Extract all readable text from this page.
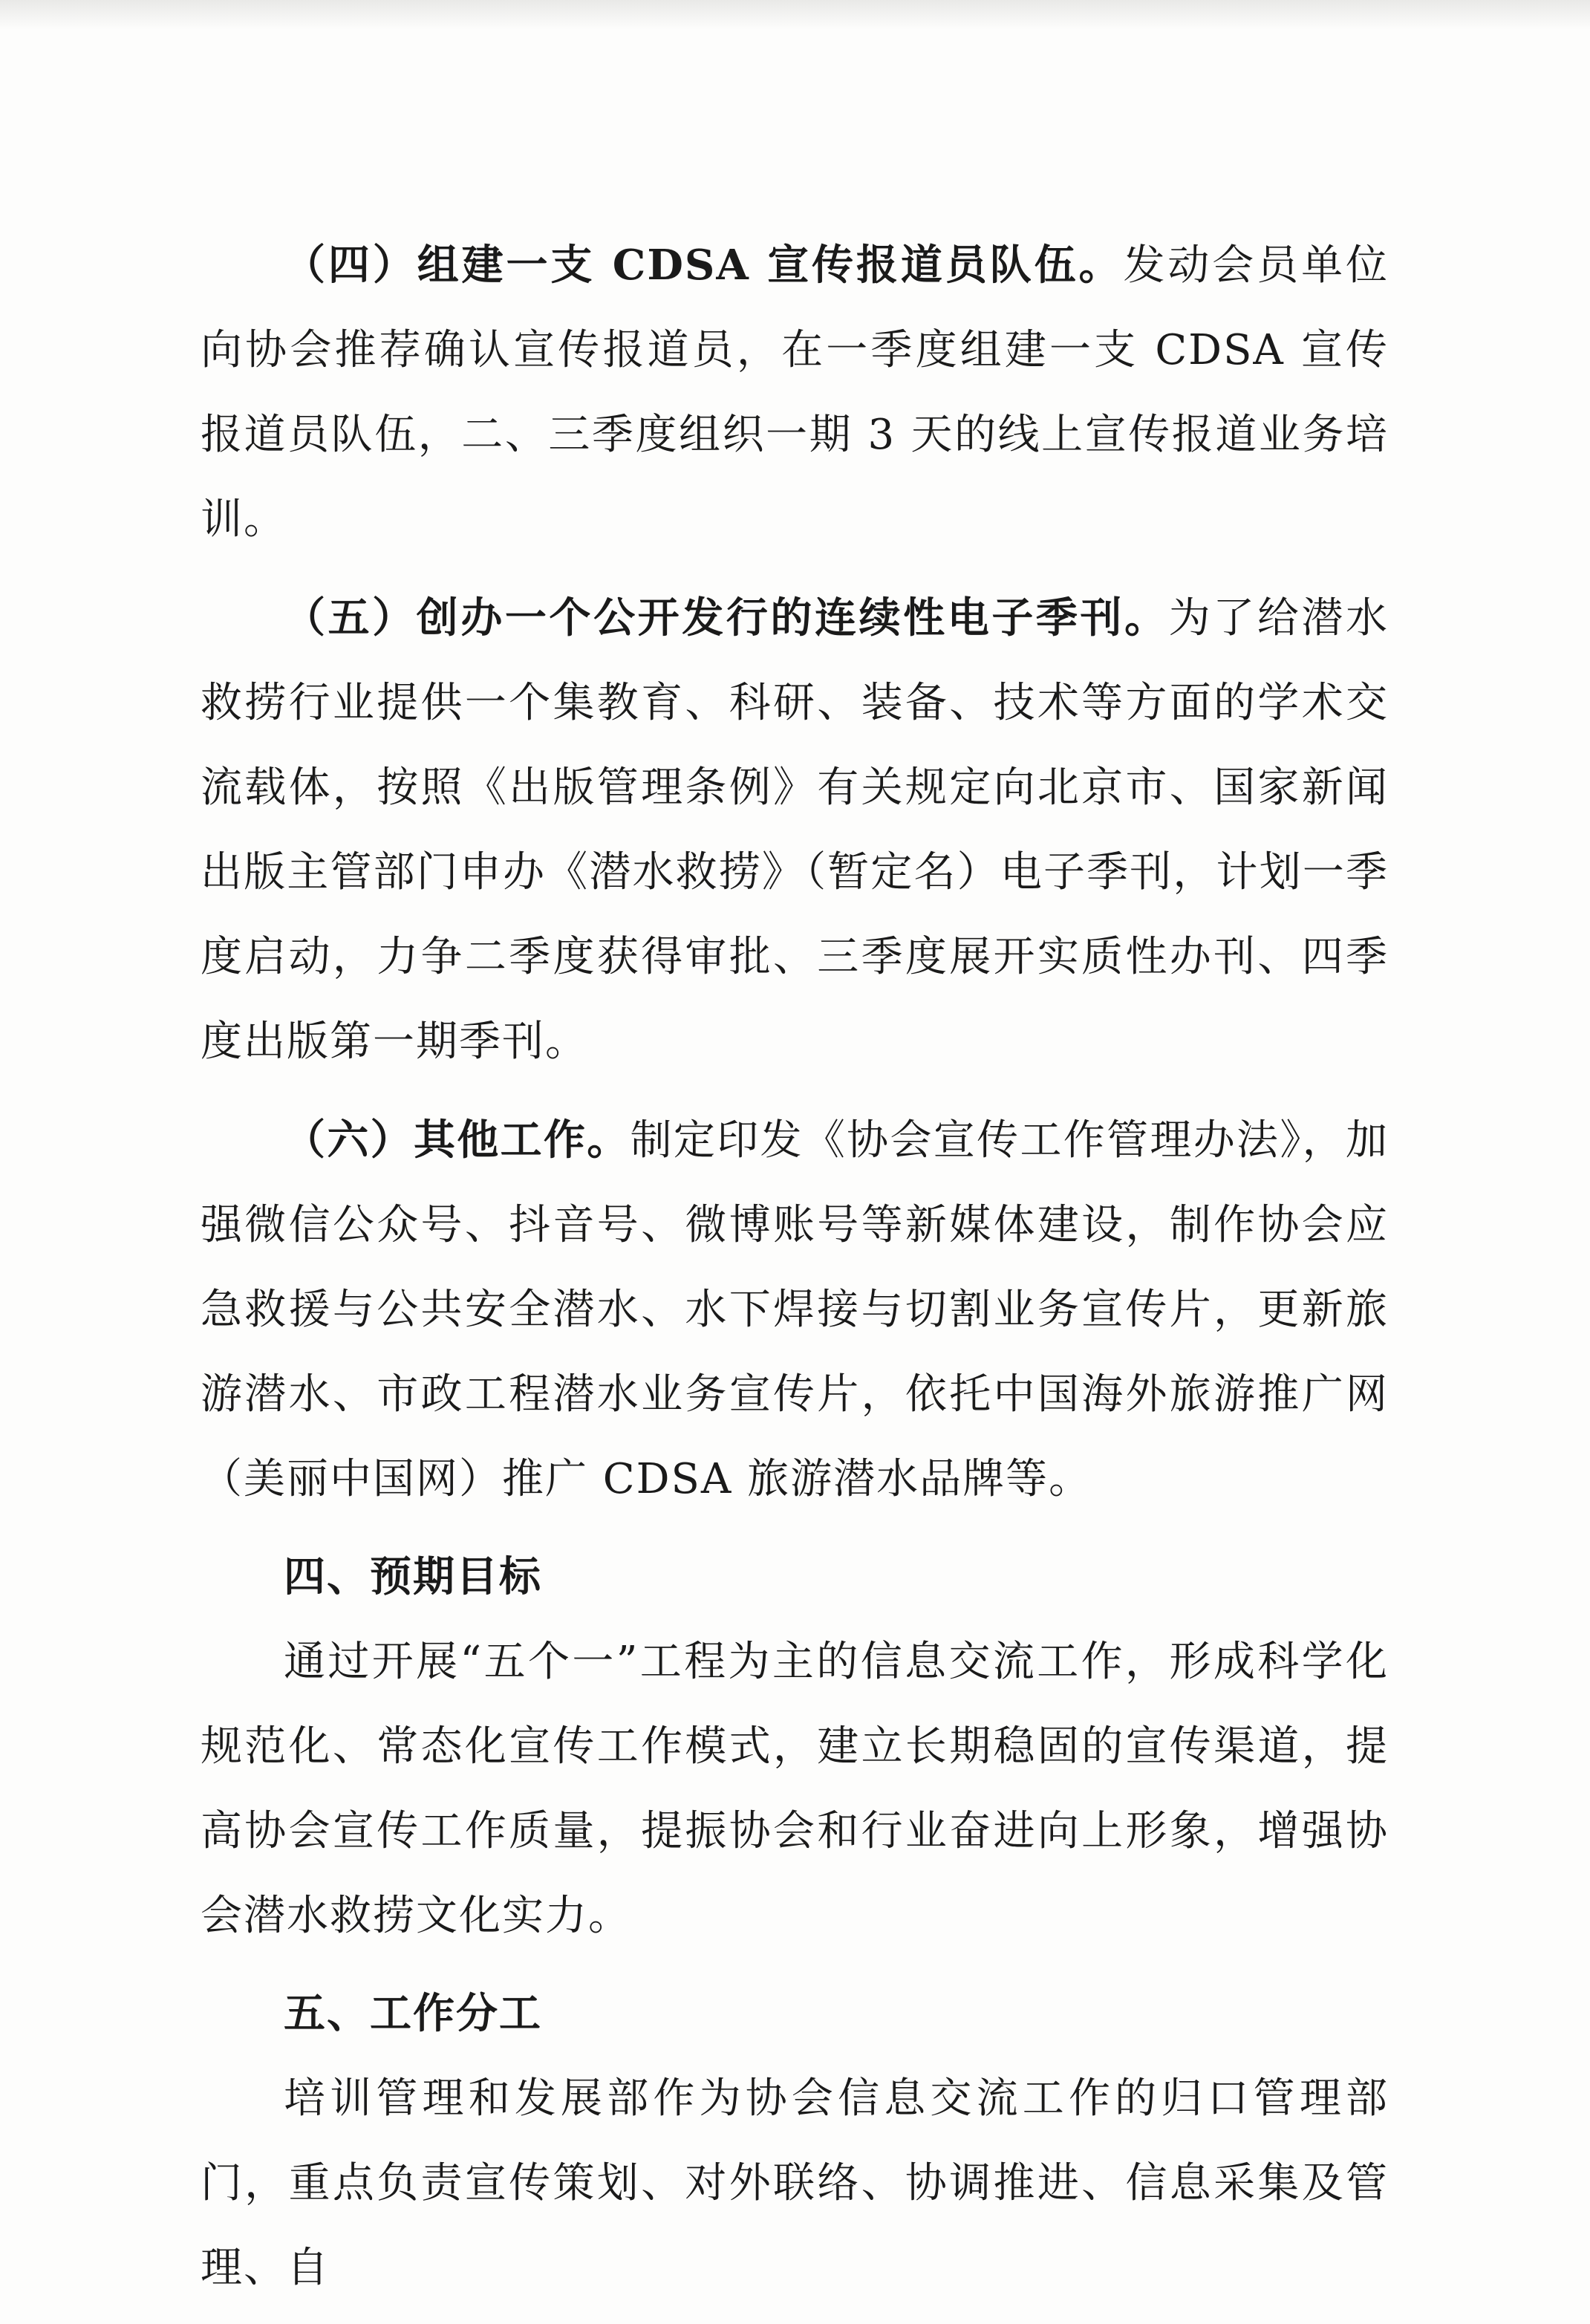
（四）组建一支 CDSA 宣传报道员队伍。发动会员单位向协会推荐确认宣传报道员，在一季度组建一支 CDSA 宣传报道员队伍，二、三季度组织一期 3 天的线上宣传报道业务培训。

（五）创办一个公开发行的连续性电子季刊。为了给潜水救捞行业提供一个集教育、科研、装备、技术等方面的学术交流载体，按照《出版管理条例》有关规定向北京市、国家新闻出版主管部门申办《潜水救捞》（暂定名）电子季刊，计划一季度启动，力争二季度获得审批、三季度展开实质性办刊、四季度出版第一期季刊。

（六）其他工作。制定印发《协会宣传工作管理办法》，加强微信公众号、抖音号、微博账号等新媒体建设，制作协会应急救援与公共安全潜水、水下焊接与切割业务宣传片，更新旅游潜水、市政工程潜水业务宣传片，依托中国海外旅游推广网（美丽中国网）推广 CDSA 旅游潜水品牌等。

四、预期目标

通过开展“五个一”工程为主的信息交流工作，形成科学化规范化、常态化宣传工作模式，建立长期稳固的宣传渠道，提高协会宣传工作质量，提振协会和行业奋进向上形象，增强协会潜水救捞文化实力。

五、工作分工

培训管理和发展部作为协会信息交流工作的归口管理部门，重点负责宣传策划、对外联络、协调推进、信息采集及管理、自
